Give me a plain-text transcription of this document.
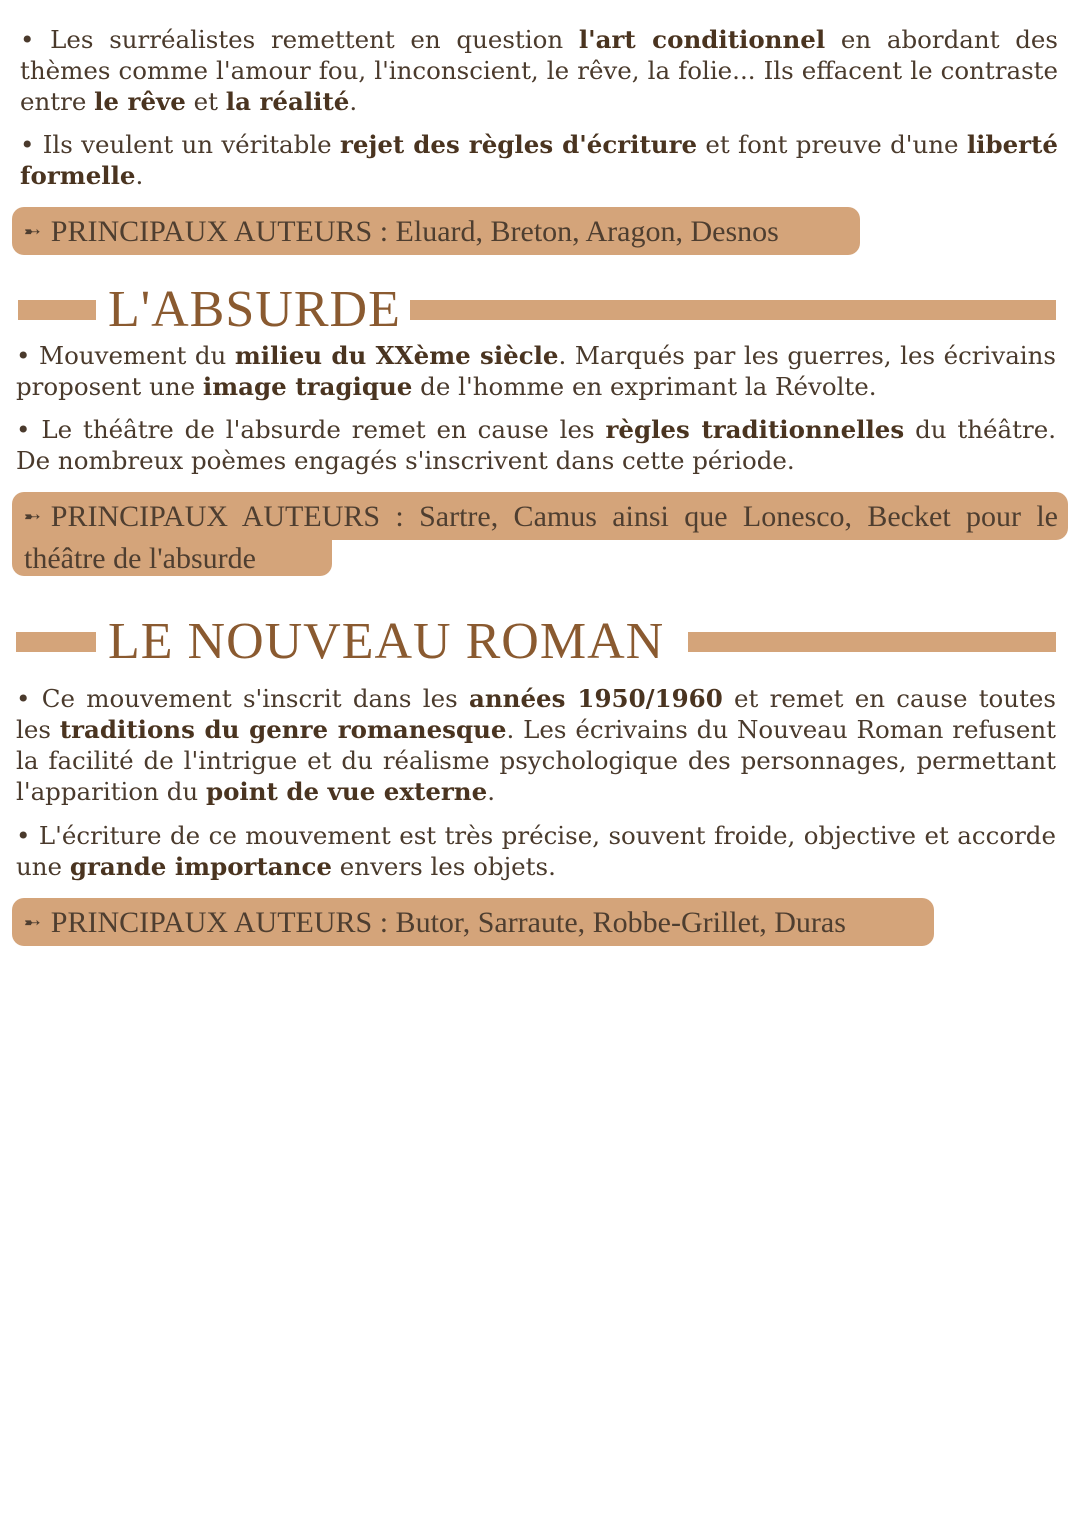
• Les surréalistes remettent en question l'art conditionnel en abordant des thèmes comme l'amour fou, l'inconscient, le rêve, la folie... Ils effacent le contraste entre le rêve et la réalité.

• Ils veulent un véritable rejet des règles d'écriture et font preuve d'une liberté formelle.

➸ PRINCIPAUX AUTEURS : Eluard, Breton, Aragon, Desnos
L'ABSURDE

• Mouvement du milieu du XXème siècle. Marqués par les guerres, les écrivains proposent une image tragique de l'homme en exprimant la Révolte.

• Le théâtre de l'absurde remet en cause les règles traditionnelles du théâtre. De nombreux poèmes engagés s'inscrivent dans cette période.

➸ PRINCIPAUX AUTEURS : Sartre, Camus ainsi que Lonesco, Becket pour le théâtre de l'absurde
LE NOUVEAU ROMAN

• Ce mouvement s'inscrit dans les années 1950/1960 et remet en cause toutes les traditions du genre romanesque. Les écrivains du Nouveau Roman refusent la facilité de l'intrigue et du réalisme psychologique des personnages, permettant l'apparition du point de vue externe.

• L'écriture de ce mouvement est très précise, souvent froide, objective et accorde une grande importance envers les objets.

➸ PRINCIPAUX AUTEURS : Butor, Sarraute, Robbe-Grillet, Duras
